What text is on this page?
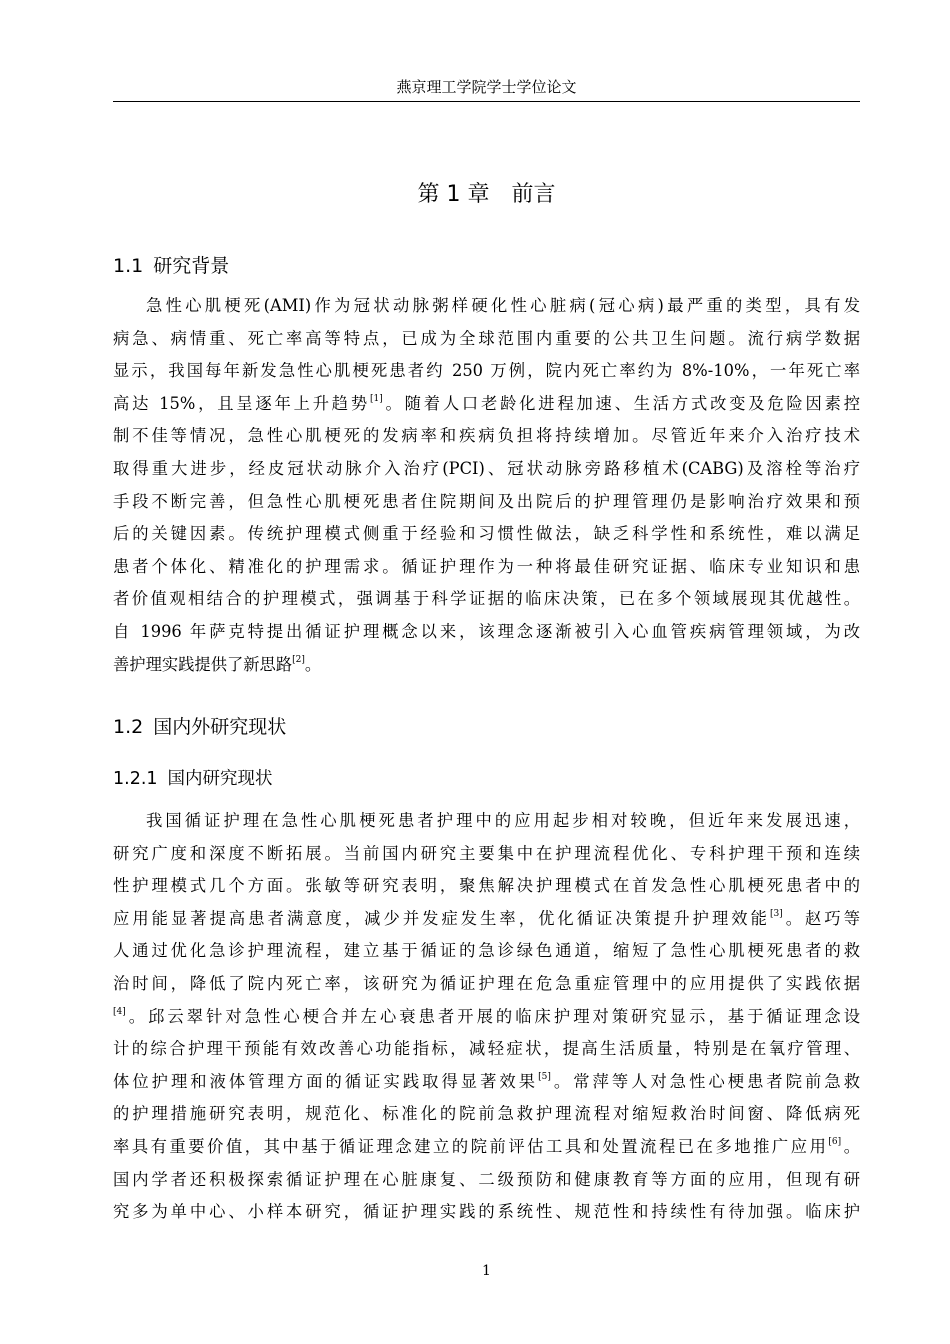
燕京理工学院学士学位论文
第 1 章　前言
1.1 研究背景
急性心肌梗死(AMI)作为冠状动脉粥样硬化性心脏病(冠心病)最严重的类型，具有发
病急、病情重、死亡率高等特点，已成为全球范围内重要的公共卫生问题。流行病学数据
显示，我国每年新发急性心肌梗死患者约 250 万例，院内死亡率约为 8%-10%，一年死亡率
高达 15%，且呈逐年上升趋势[1]。随着人口老龄化进程加速、生活方式改变及危险因素控
制不佳等情况，急性心肌梗死的发病率和疾病负担将持续增加。尽管近年来介入治疗技术
取得重大进步，经皮冠状动脉介入治疗(PCI)、冠状动脉旁路移植术(CABG)及溶栓等治疗
手段不断完善，但急性心肌梗死患者住院期间及出院后的护理管理仍是影响治疗效果和预
后的关键因素。传统护理模式侧重于经验和习惯性做法，缺乏科学性和系统性，难以满足
患者个体化、精准化的护理需求。循证护理作为一种将最佳研究证据、临床专业知识和患
者价值观相结合的护理模式，强调基于科学证据的临床决策，已在多个领域展现其优越性。
自 1996 年萨克特提出循证护理概念以来，该理念逐渐被引入心血管疾病管理领域，为改
善护理实践提供了新思路[2]。
1.2 国内外研究现状
1.2.1 国内研究现状
我国循证护理在急性心肌梗死患者护理中的应用起步相对较晚，但近年来发展迅速，
研究广度和深度不断拓展。当前国内研究主要集中在护理流程优化、专科护理干预和连续
性护理模式几个方面。张敏等研究表明，聚焦解决护理模式在首发急性心肌梗死患者中的
应用能显著提高患者满意度，减少并发症发生率，优化循证决策提升护理效能[3]。赵巧等
人通过优化急诊护理流程，建立基于循证的急诊绿色通道，缩短了急性心肌梗死患者的救
治时间，降低了院内死亡率，该研究为循证护理在危急重症管理中的应用提供了实践依据
[4]。邱云翠针对急性心梗合并左心衰患者开展的临床护理对策研究显示，基于循证理念设
计的综合护理干预能有效改善心功能指标，减轻症状，提高生活质量，特别是在氧疗管理、
体位护理和液体管理方面的循证实践取得显著效果[5]。常萍等人对急性心梗患者院前急救
的护理措施研究表明，规范化、标准化的院前急救护理流程对缩短救治时间窗、降低病死
率具有重要价值，其中基于循证理念建立的院前评估工具和处置流程已在多地推广应用[6]。
国内学者还积极探索循证护理在心脏康复、二级预防和健康教育等方面的应用，但现有研
究多为单中心、小样本研究，循证护理实践的系统性、规范性和持续性有待加强。临床护
1
